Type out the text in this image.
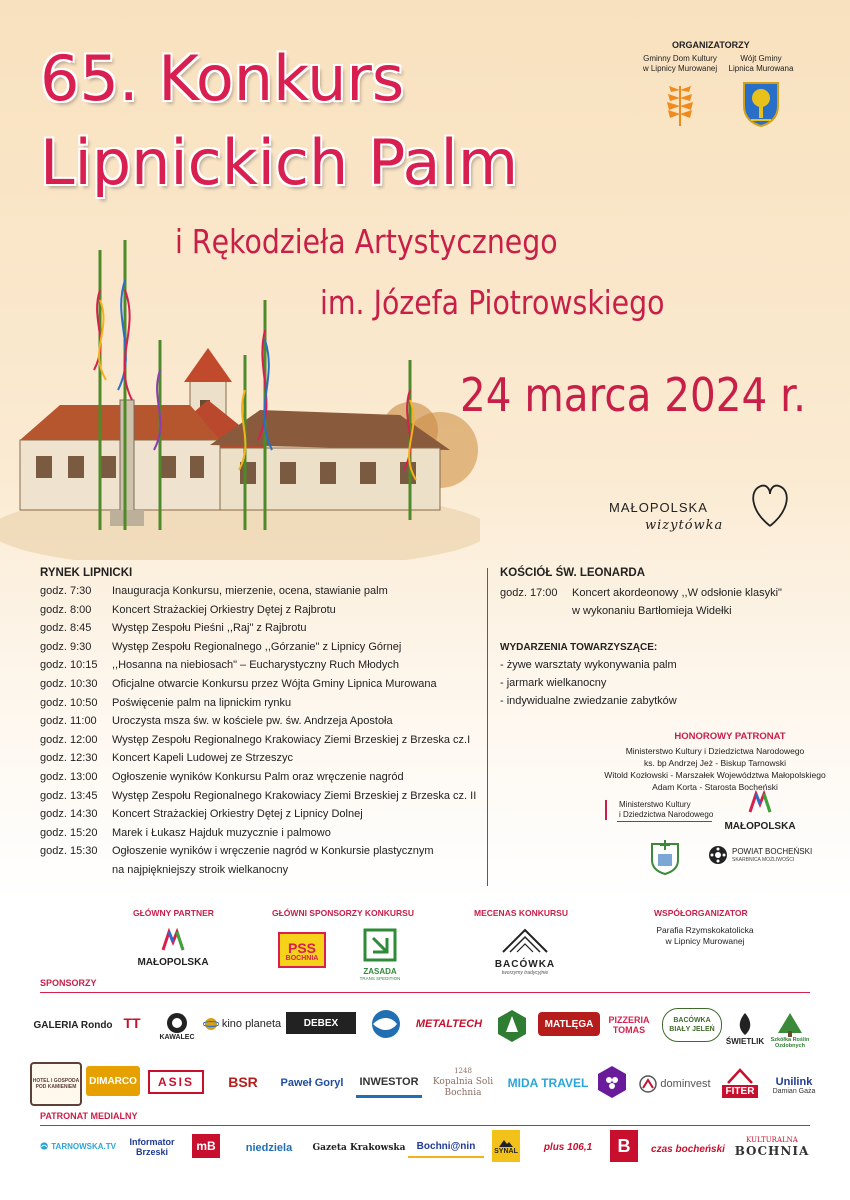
65. Konkurs
Lipnickich Palm
i Rękodzieła Artystycznego
im. Józefa Piotrowskiego
24 marca 2024 r.
ORGANIZATORZY
Gminny Dom Kultury
w Lipnicy Murowanej
Wójt Gminy
Lipnica Murowana
MAŁOPOLSKA
wizytówka
RYNEK LIPNICKI
godz. 7:30 Inauguracja Konkursu, mierzenie, ocena, stawianie palm
godz. 8:00 Koncert Strażackiej Orkiestry Dętej z Rajbrotu
godz. 8:45 Występ Zespołu Pieśni ,,Raj" z Rajbrotu
godz. 9:30 Występ Zespołu Regionalnego ,,Górzanie" z Lipnicy Górnej
godz. 10:15 ,,Hosanna na niebiosach" – Eucharystyczny Ruch Młodych
godz. 10:30 Oficjalne otwarcie Konkursu przez Wójta Gminy Lipnica Murowana
godz. 10:50 Poświęcenie palm na lipnickim rynku
godz. 11:00 Uroczysta msza św. w kościele pw. św. Andrzeja Apostoła
godz. 12:00 Występ Zespołu Regionalnego Krakowiacy Ziemi Brzeskiej z Brzeska cz.I
godz. 12:30 Koncert Kapeli Ludowej ze Strzeszyc
godz. 13:00 Ogłoszenie wyników Konkursu Palm oraz wręczenie nagród
godz. 13:45 Występ Zespołu Regionalnego Krakowiacy Ziemi Brzeskiej z Brzeska cz. II
godz. 14:30 Koncert Strażackiej Orkiestry Dętej z Lipnicy Dolnej
godz. 15:20 Marek i Łukasz Hajduk muzycznie i palmowo
godz. 15:30 Ogłoszenie wyników i wręczenie nagród w Konkursie plastycznym
na najpiękniejszy stroik wielkanocny
KOŚCIÓŁ ŚW. LEONARDA
godz. 17:00 Koncert akordeonowy ,,W odsłonie klasyki"
w wykonaniu Bartłomieja Widełki
WYDARZENIA TOWARZYSZĄCE:
- żywe warsztaty wykonywania palm
- jarmark wielkanocny
- indywidualne zwiedzanie zabytków
HONOROWY PATRONAT
Ministerstwo Kultury i Dziedzictwa Narodowego
ks. bp Andrzej Jeż - Biskup Tarnowski
Witold Kozłowski - Marszałek Województwa Małopolskiego
Adam Korta - Starosta Bocheński
Ministerstwo Kultury
i Dziedzictwa Narodowego
MAŁOPOLSKA
POWIAT BOCHEŃSKI
SKARBNICA MOŻLIWOŚCI
GŁÓWNY PARTNER
MAŁOPOLSKA
GŁÓWNI SPONSORZY KONKURSU
PSS
BOCHNIA
ZASADA
TRANS SPEDITION
MECENAS KONKURSU
BACÓWKA
tworzymy tradycyjnie
WSPÓŁORGANIZATOR
Parafia Rzymskokatolicka
w Lipnicy Murowanej
SPONSORZY
GALERIA Rondo TT
KAWALEC
kino planeta DEBEX	METALTECH	MATLĘGA	PIZZERIA TOMAS
BACÓWKA BIAŁY JELEŃ
ŚWIETLIK	Szkółka Roślin Ozdobnych
HOTEL I GOSPODA POD KAMIENIEM
DIMARCO ASIS BSR Paweł Goryl INWESTOR
1248
Kopalnia Soli Bochnia
MIDA TRAVEL	dominvest
FITER
Unilink
Damian Gaża
PATRONAT MEDIALNY
TARNOWSKA.TV	Informator Brzeski	mB	niedziela Gazeta Krakowska Bochni@nin	SYNAL	plus 106,1 B czas bocheński
KULTURALNA
BOCHNIA
